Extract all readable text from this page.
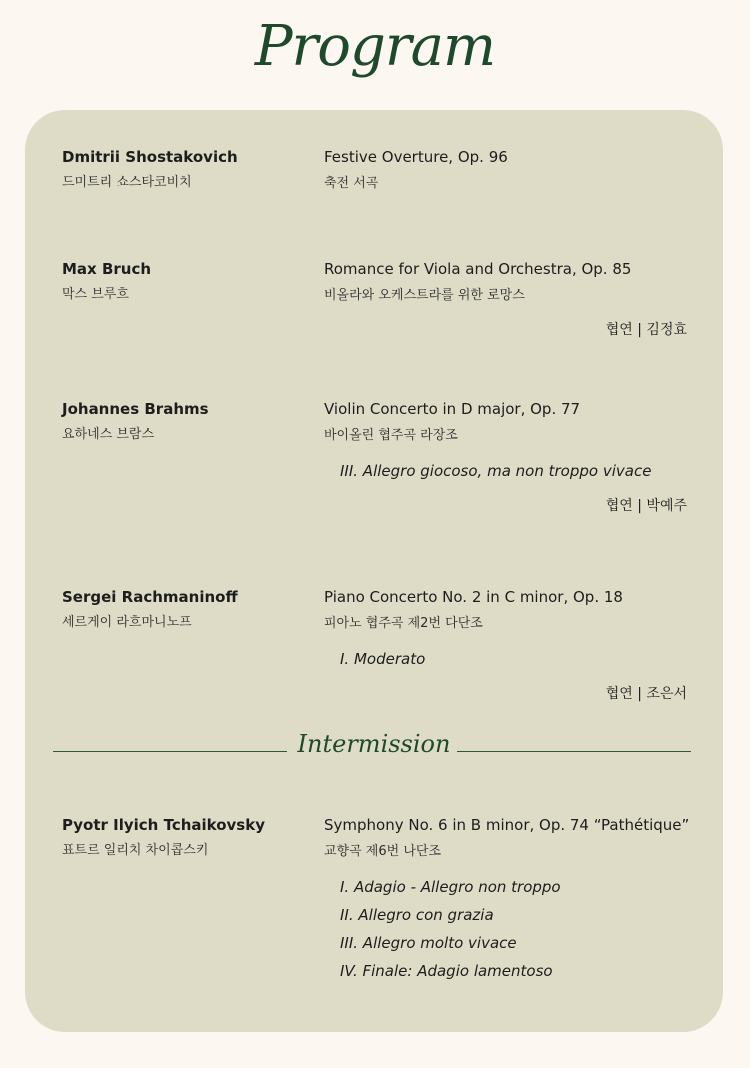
Program
Dmitrii Shostakovich
드미트리 쇼스타코비치
Festive Overture, Op. 96
축전 서곡
Max Bruch
막스 브루흐
Romance for Viola and Orchestra, Op. 85
비올라와 오케스트라를 위한 로망스
협연 | 김정효
Johannes Brahms
요하네스 브람스
Violin Concerto in D major, Op. 77
바이올린 협주곡 라장조
III. Allegro giocoso, ma non troppo vivace
협연 | 박예주
Sergei Rachmaninoff
세르게이 라흐마니노프
Piano Concerto No. 2 in C minor, Op. 18
피아노 협주곡 제2번 다단조
I. Moderato
협연 | 조은서
Intermission
Pyotr Ilyich Tchaikovsky
표트르 일리치 차이콥스키
Symphony No. 6 in B minor, Op. 74 “Pathétique”
교향곡 제6번 나단조
I. Adagio - Allegro non troppo
II. Allegro con grazia
III. Allegro molto vivace
IV. Finale: Adagio lamentoso
